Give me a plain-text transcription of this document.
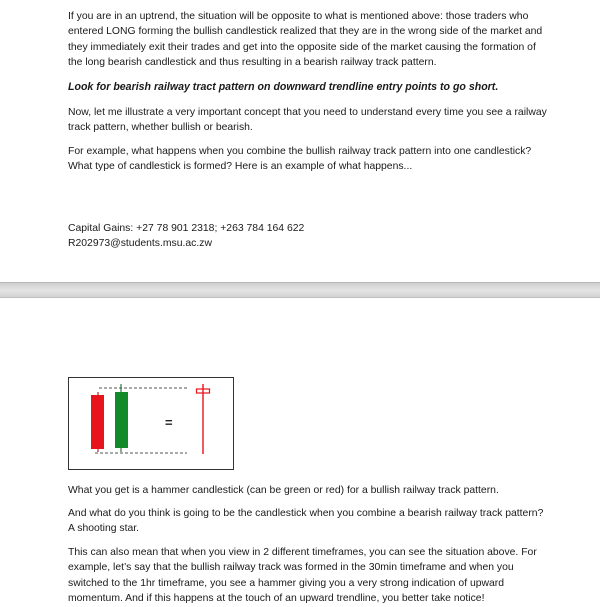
If you are in an uptrend, the situation will be opposite to what is mentioned above: those traders who entered LONG forming the bullish candlestick realized that they are in the wrong side of the market and they immediately exit their trades and get into the opposite side of the market causing the formation of the long bearish candlestick and thus resulting in a bearish railway track pattern.

Look for bearish railway tract pattern on downward trendline entry points to go short.

Now, let me illustrate a very important concept that you need to understand every time you see a railway track pattern, whether bullish or bearish.

For example, what happens when you combine the bullish railway track pattern into one candlestick? What type of candlestick is formed? Here is an example of what happens...

Capital Gains: +27 78 901 2318; +263 784 164 622

R202973@students.msu.ac.zw

=

What you get is a hammer candlestick (can be green or red) for a bullish railway track pattern.

And what do you think is going to be the candlestick when you combine a bearish railway track pattern? A shooting star.

This can also mean that when you view in 2 different timeframes, you can see the situation above. For example, let’s say that the bullish railway track was formed in the 30min timeframe and when you switched to the 1hr timeframe, you see a hammer giving you a very strong indication of upward momentum. And if this happens at the touch of an upward trendline, you better take notice!
